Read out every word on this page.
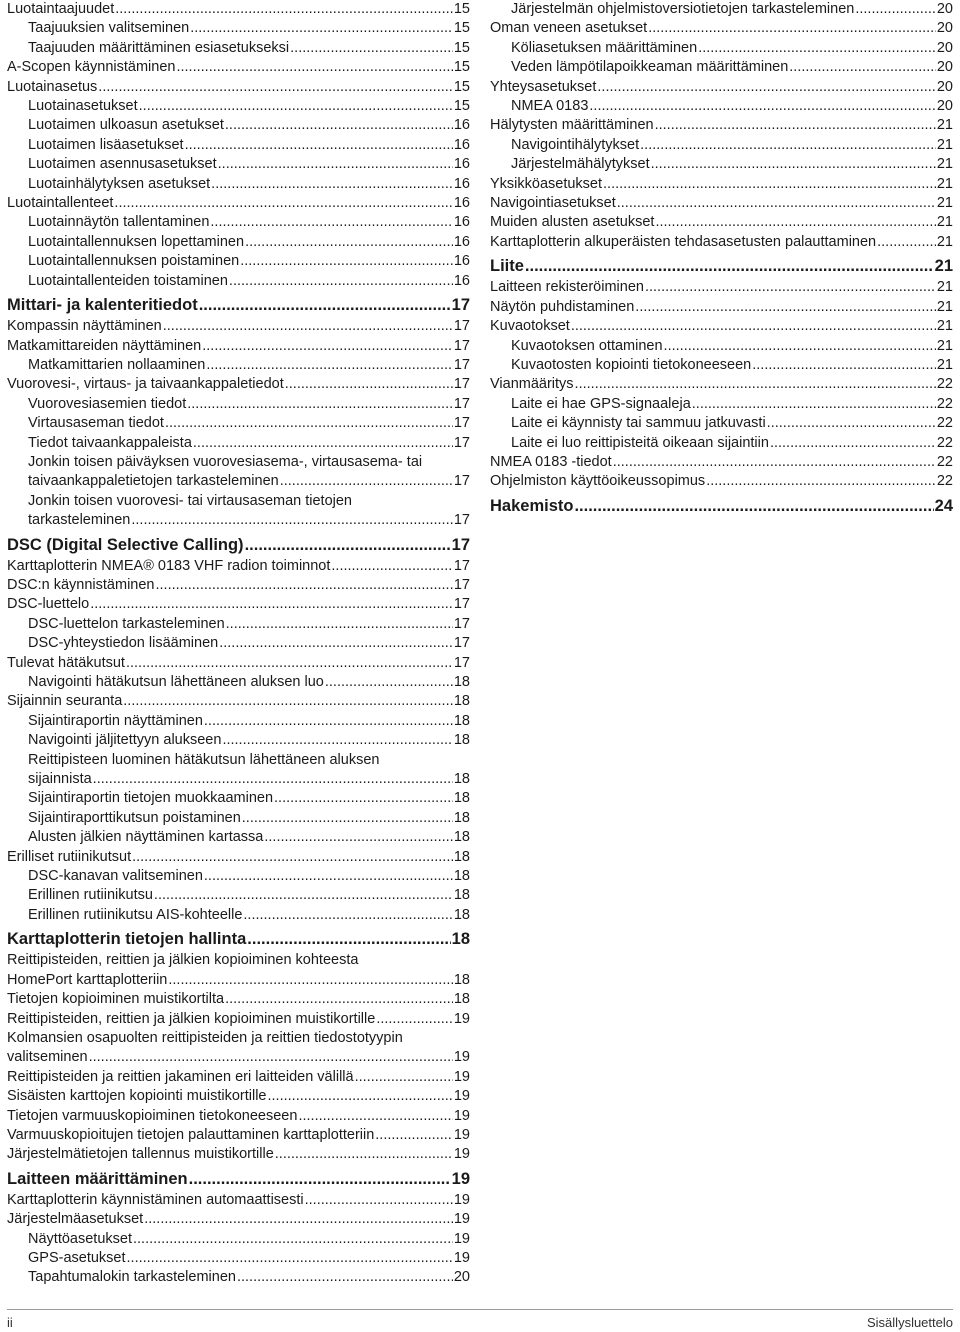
Luotaintaajuudet .....	15
Taajuuksien valitseminen .....	15
Taajuuden määrittäminen esiasetukseksi .....	15
A-Scopen käynnistäminen .....	15
Luotainasetus .....	15
Luotainasetukset .....	15
Luotaimen ulkoasun asetukset .....	16
Luotaimen lisäasetukset .....	16
Luotaimen asennusasetukset .....	16
Luotainhälytyksen asetukset .....	16
Luotaintallenteet .....	16
Luotainnäytön tallentaminen .....	16
Luotaintallennuksen lopettaminen .....	16
Luotaintallennuksen poistaminen .....	16
Luotaintallenteiden toistaminen .....	16
Mittari- ja kalenteritiedot .....	17
Kompassin näyttäminen .....	17
Matkamittareiden näyttäminen .....	17
Matkamittarien nollaaminen .....	17
Vuorovesi-, virtaus- ja taivaankappaletiedot .....	17
Vuorovesiasemien tiedot .....	17
Virtausaseman tiedot .....	17
Tiedot taivaankappaleista .....	17
Jonkin toisen päiväyksen vuorovesiasema-, virtausasema- tai
taivaankappaletietojen tarkasteleminen .....	17
Jonkin toisen vuorovesi- tai virtausaseman tietojen
tarkasteleminen .....	17
DSC (Digital Selective Calling) .....	17
Karttaplotterin NMEA® 0183 VHF radion toiminnot .....	17
DSC:n käynnistäminen .....	17
DSC-luettelo .....	17
DSC-luettelon tarkasteleminen .....	17
DSC-yhteystiedon lisääminen .....	17
Tulevat hätäkutsut .....	17
Navigointi hätäkutsun lähettäneen aluksen luo .....	18
Sijainnin seuranta .....	18
Sijaintiraportin näyttäminen .....	18
Navigointi jäljitettyyn alukseen .....	18
Reittipisteen luominen hätäkutsun lähettäneen aluksen
sijainnista .....	18
Sijaintiraportin tietojen muokkaaminen .....	18
Sijaintiraporttikutsun poistaminen .....	18
Alusten jälkien näyttäminen kartassa .....	18
Erilliset rutiinikutsut .....	18
DSC-kanavan valitseminen .....	18
Erillinen rutiinikutsu .....	18
Erillinen rutiinikutsu AIS-kohteelle .....	18
Karttaplotterin tietojen hallinta .....	18
Reittipisteiden, reittien ja jälkien kopioiminen kohteesta
HomePort karttaplotteriin .....	18
Tietojen kopioiminen muistikortilta .....	18
Reittipisteiden, reittien ja jälkien kopioiminen muistikortille .....	19
Kolmansien osapuolten reittipisteiden ja reittien tiedostotyypin
valitseminen .....	19
Reittipisteiden ja reittien jakaminen eri laitteiden välillä .....	19
Sisäisten karttojen kopiointi muistikortille .....	19
Tietojen varmuuskopioiminen tietokoneeseen .....	19
Varmuuskopioitujen tietojen palauttaminen karttaplotteriin .....	19
Järjestelmätietojen tallennus muistikortille .....	19
Laitteen määrittäminen .....	19
Karttaplotterin käynnistäminen automaattisesti .....	19
Järjestelmäasetukset .....	19
Näyttöasetukset .....	19
GPS-asetukset .....	19
Tapahtumalokin tarkasteleminen .....	20
Järjestelmän ohjelmistoversiotietojen tarkasteleminen .....	20
Oman veneen asetukset .....	20
Köliasetuksen määrittäminen .....	20
Veden lämpötilapoikkeaman määrittäminen .....	20
Yhteysasetukset .....	20
NMEA 0183 .....	20
Hälytysten määrittäminen .....	21
Navigointihälytykset .....	21
Järjestelmähälytykset .....	21
Yksikköasetukset .....	21
Navigointiasetukset .....	21
Muiden alusten asetukset .....	21
Karttaplotterin alkuperäisten tehdasasetusten palauttaminen .....	21
Liite .....	21
Laitteen rekisteröiminen .....	21
Näytön puhdistaminen .....	21
Kuvaotokset .....	21
Kuvaotoksen ottaminen .....	21
Kuvaotosten kopiointi tietokoneeseen .....	21
Vianmääritys .....	22
Laite ei hae GPS-signaaleja .....	22
Laite ei käynnisty tai sammuu jatkuvasti .....	22
Laite ei luo reittipisteitä oikeaan sijaintiin .....	22
NMEA 0183 -tiedot .....	22
Ohjelmiston käyttöoikeussopimus .....	22
Hakemisto .....	24
ii	Sisällysluettelo
